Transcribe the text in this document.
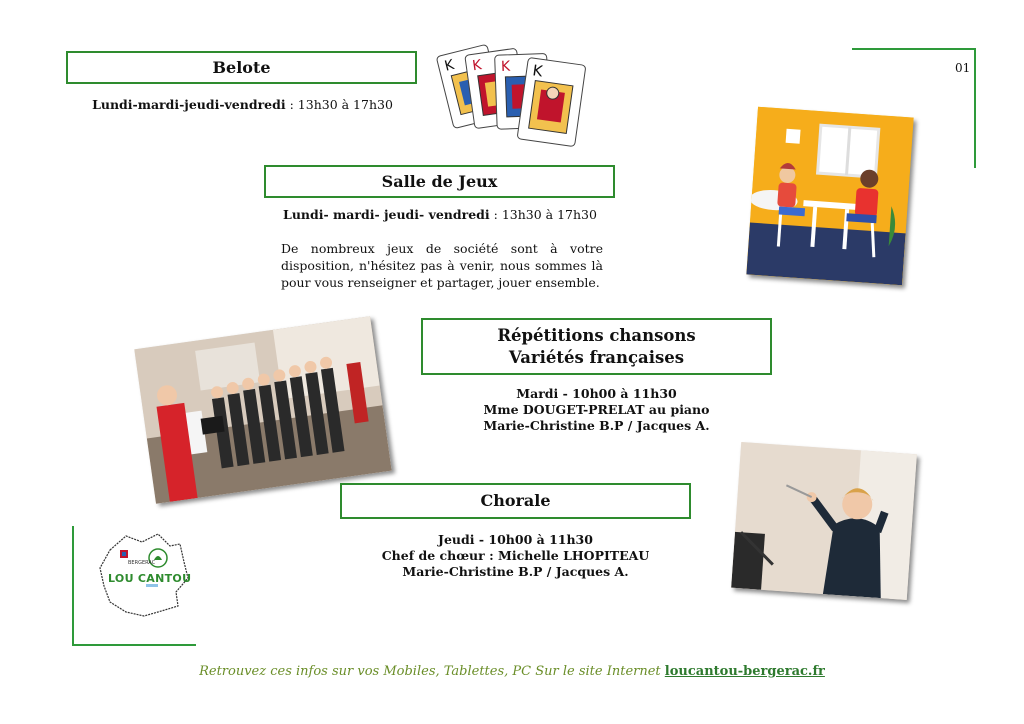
01
Belote
Lundi-mardi-jeudi-vendredi : 13h30 à 17h30
K K K K
Salle de Jeux
Lundi- mardi- jeudi- vendredi : 13h30 à 17h30
De nombreux jeux de société sont à votre disposition, n'hésitez pas à venir, nous sommes là pour vous renseigner et partager, jouer ensemble.
Répétitions chansons
Variétés françaises
Mardi - 10h00 à 11h30
Mme DOUGET-PRELAT au piano
Marie-Christine B.P / Jacques A.
Chorale
Jeudi - 10h00 à 11h30
Chef de chœur : Michelle LHOPITEAU
Marie-Christine B.P / Jacques A.
BERGERAC
LOU CANTOU
Retrouvez ces infos sur vos Mobiles, Tablettes, PC Sur le site Internet loucantou-bergerac.fr
